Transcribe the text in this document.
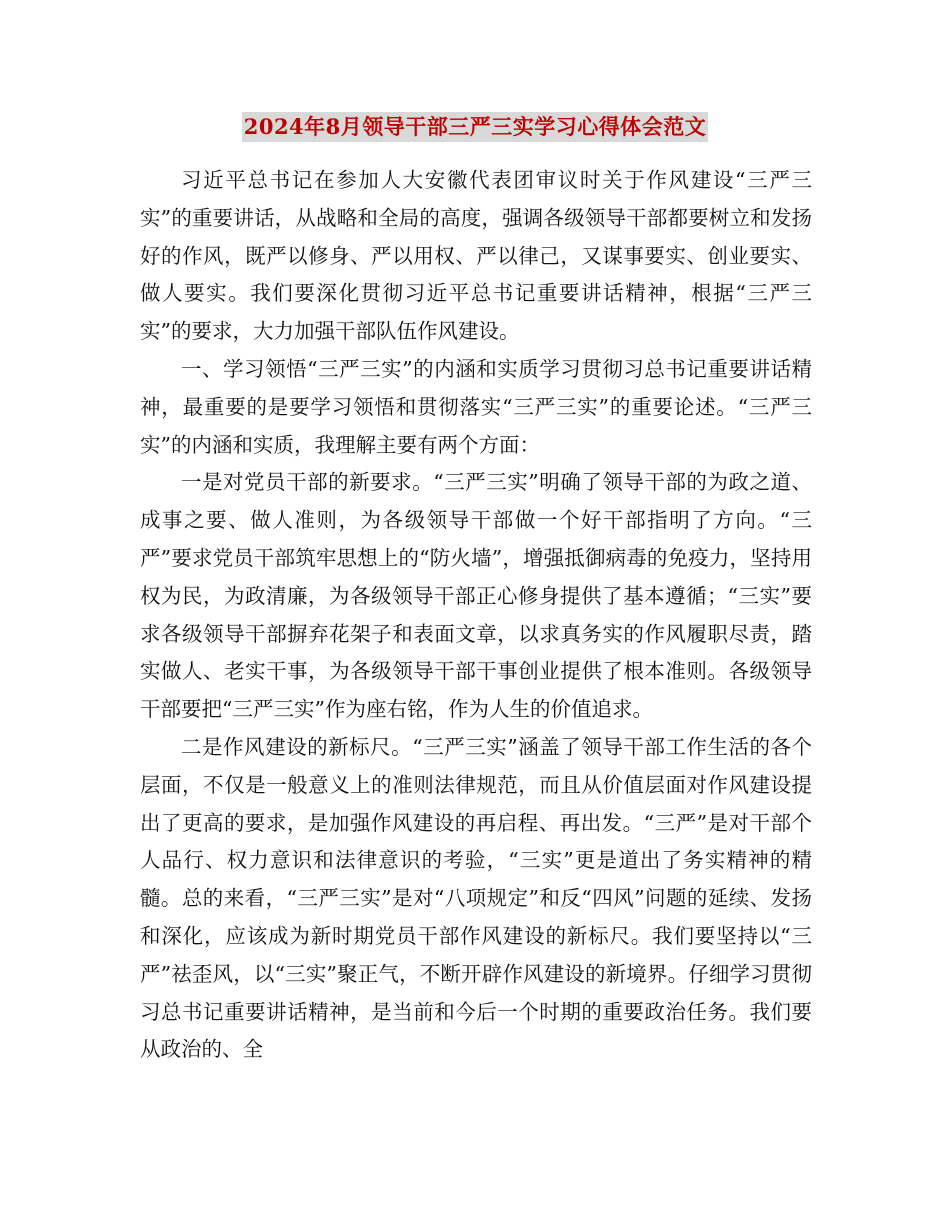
2024年8月领导干部三严三实学习心得体会范文

习近平总书记在参加人大安徽代表团审议时关于作风建设“三严三实”的重要讲话，从战略和全局的高度，强调各级领导干部都要树立和发扬好的作风，既严以修身、严以用权、严以律己，又谋事要实、创业要实、做人要实。我们要深化贯彻习近平总书记重要讲话精神，根据“三严三实”的要求，大力加强干部队伍作风建设。

一、学习领悟“三严三实”的内涵和实质学习贯彻习总书记重要讲话精神，最重要的是要学习领悟和贯彻落实“三严三实”的重要论述。“三严三实”的内涵和实质，我理解主要有两个方面：

一是对党员干部的新要求。“三严三实”明确了领导干部的为政之道、成事之要、做人准则，为各级领导干部做一个好干部指明了方向。“三严”要求党员干部筑牢思想上的“防火墙”，增强抵御病毒的免疫力，坚持用权为民，为政清廉，为各级领导干部正心修身提供了基本遵循；“三实”要求各级领导干部摒弃花架子和表面文章，以求真务实的作风履职尽责，踏实做人、老实干事，为各级领导干部干事创业提供了根本准则。各级领导干部要把“三严三实”作为座右铭，作为人生的价值追求。

二是作风建设的新标尺。“三严三实”涵盖了领导干部工作生活的各个层面，不仅是一般意义上的准则法律规范，而且从价值层面对作风建设提出了更高的要求，是加强作风建设的再启程、再出发。“三严”是对干部个人品行、权力意识和法律意识的考验，“三实”更是道出了务实精神的精髓。总的来看，“三严三实”是对“八项规定”和反“四风”问题的延续、发扬和深化，应该成为新时期党员干部作风建设的新标尺。我们要坚持以“三严”祛歪风，以“三实”聚正气，不断开辟作风建设的新境界。仔细学习贯彻习总书记重要讲话精神，是当前和今后一个时期的重要政治任务。我们要从政治的、全
